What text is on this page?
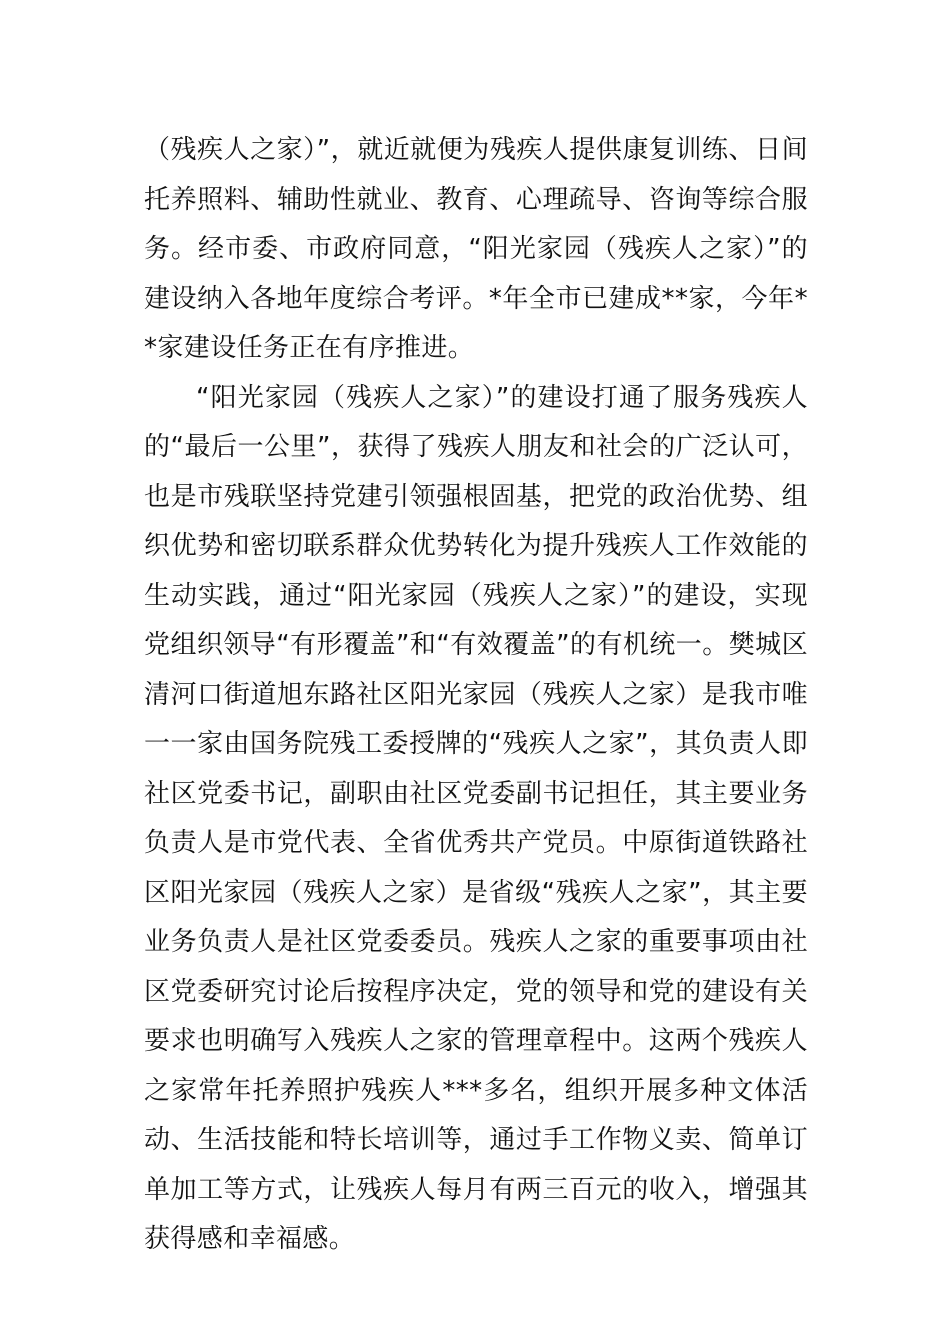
（残疾人之家）”，就近就便为残疾人提供康复训练、日间托养照料、辅助性就业、教育、心理疏导、咨询等综合服务。经市委、市政府同意，“阳光家园（残疾人之家）”的建设纳入各地年度综合考评。*年全市已建成**家，今年**家建设任务正在有序推进。

“阳光家园（残疾人之家）”的建设打通了服务残疾人的“最后一公里”，获得了残疾人朋友和社会的广泛认可，也是市残联坚持党建引领强根固基，把党的政治优势、组织优势和密切联系群众优势转化为提升残疾人工作效能的生动实践，通过“阳光家园（残疾人之家）”的建设，实现党组织领导“有形覆盖”和“有效覆盖”的有机统一。樊城区清河口街道旭东路社区阳光家园（残疾人之家）是我市唯一一家由国务院残工委授牌的“残疾人之家”，其负责人即社区党委书记，副职由社区党委副书记担任，其主要业务负责人是市党代表、全省优秀共产党员。中原街道铁路社区阳光家园（残疾人之家）是省级“残疾人之家”，其主要业务负责人是社区党委委员。残疾人之家的重要事项由社区党委研究讨论后按程序决定，党的领导和党的建设有关要求也明确写入残疾人之家的管理章程中。这两个残疾人之家常年托养照护残疾人***多名，组织开展多种文体活动、生活技能和特长培训等，通过手工作物义卖、简单订单加工等方式，让残疾人每月有两三百元的收入，增强其获得感和幸福感。
